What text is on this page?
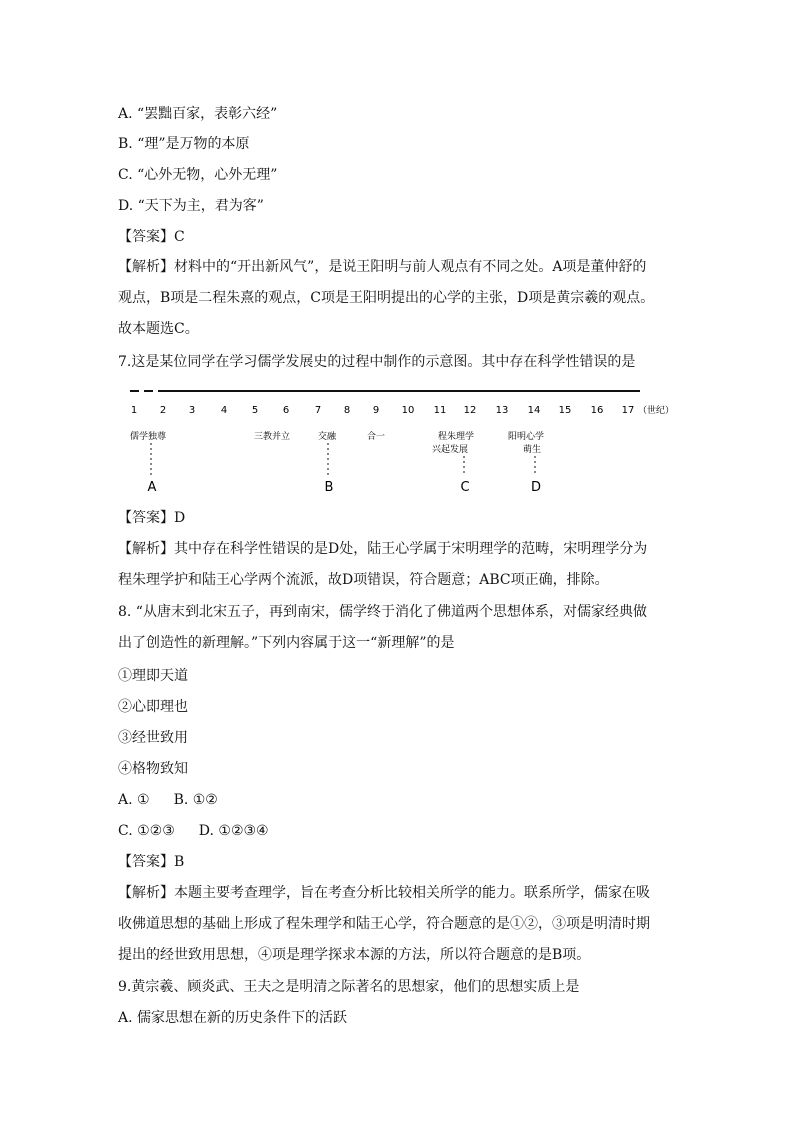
A. “罢黜百家，表彰六经”
B. “理”是万物的本原
C. “心外无物，心外无理”
D. “天下为主，君为客”
【答案】C
【解析】材料中的“开出新风气”，是说王阳明与前人观点有不同之处。A项是董仲舒的观点，B项是二程朱熹的观点，C项是王阳明提出的心学的主张，D项是黄宗羲的观点。故本题选C。
7.这是某位同学在学习儒学发展史的过程中制作的示意图。其中存在科学性错误的是
1 2 3	4 5 6	7 8 9 10 11 12 13 14 15 16 17 （世纪）
儒学独尊	三教并立	交融	合一	程朱理学
兴起发展
阳明心学
萌生
A	B	C	D
【答案】D
【解析】其中存在科学性错误的是D处，陆王心学属于宋明理学的范畴，宋明理学分为程朱理学护和陆王心学两个流派，故D项错误，符合题意；ABC项正确，排除。
8. “从唐末到北宋五子，再到南宋，儒学终于消化了佛道两个思想体系，对儒家经典做出了创造性的新理解。”下列内容属于这一“新理解”的是
①理即天道
②心即理也
③经世致用
④格物致知
A. ① B. ①②
C. ①②③ D. ①②③④
【答案】B
【解析】本题主要考查理学，旨在考查分析比较相关所学的能力。联系所学，儒家在吸收佛道思想的基础上形成了程朱理学和陆王心学，符合题意的是①②，③项是明清时期提出的经世致用思想，④项是理学探求本源的方法，所以符合题意的是B项。
9.黄宗羲、顾炎武、王夫之是明清之际著名的思想家，他们的思想实质上是
A. 儒家思想在新的历史条件下的活跃
